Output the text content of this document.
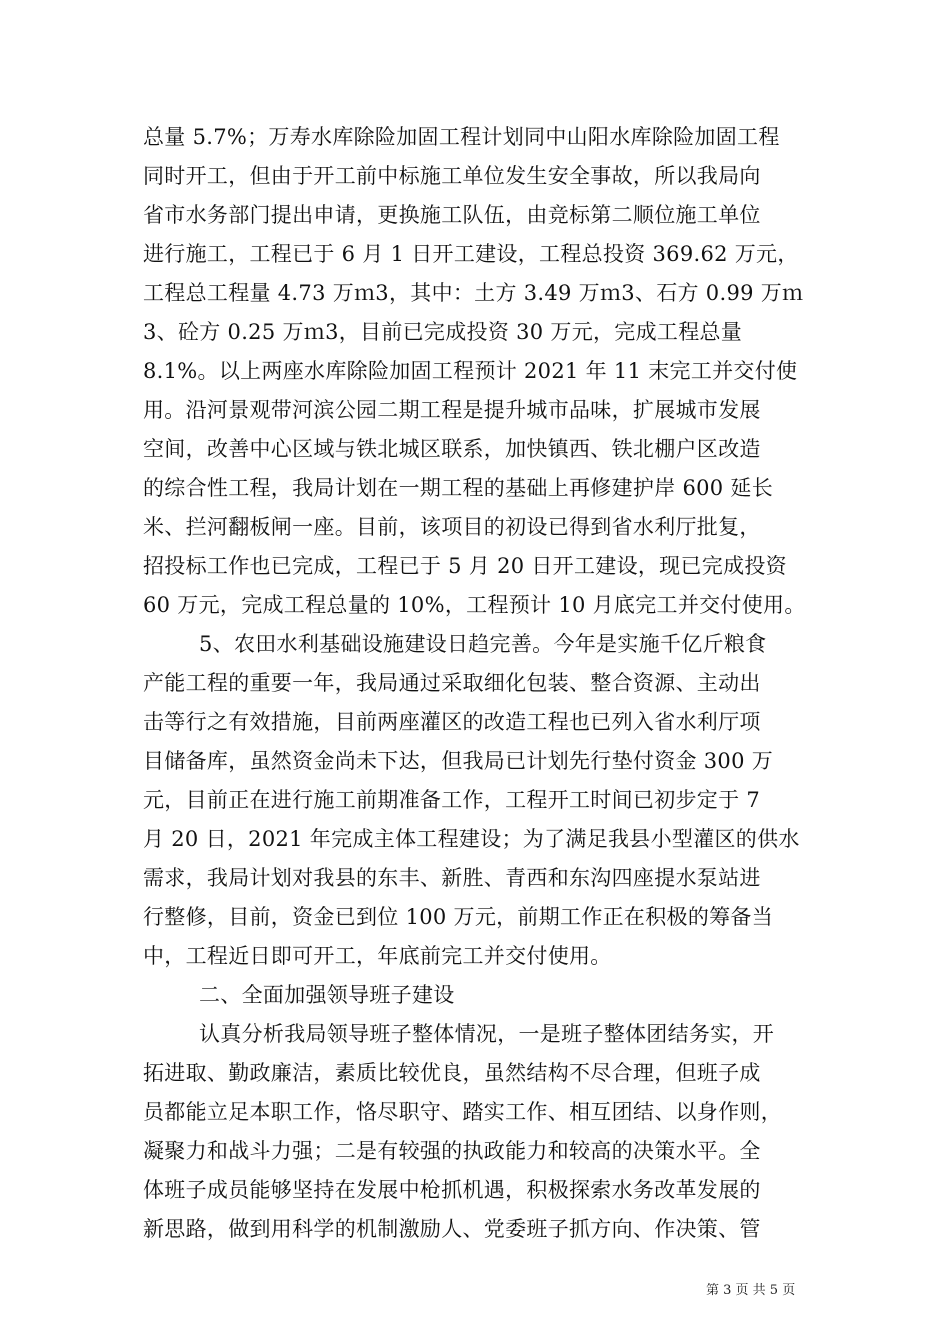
总量 5.7%；万寿水库除险加固工程计划同中山阳水库除险加固工程
同时开工，但由于开工前中标施工单位发生安全事故，所以我局向
省市水务部门提出申请，更换施工队伍，由竞标第二顺位施工单位
进行施工，工程已于 6 月 1 日开工建设，工程总投资 369.62 万元，
工程总工程量 4.73 万ｍ3，其中：土方 3.49 万ｍ3、石方 0.99 万ｍ
3、砼方 0.25 万ｍ3，目前已完成投资 30 万元，完成工程总量
8.1%。以上两座水库除险加固工程预计 2021 年 11 末完工并交付使
用。沿河景观带河滨公园二期工程是提升城市品味，扩展城市发展
空间，改善中心区域与铁北城区联系，加快镇西、铁北棚户区改造
的综合性工程，我局计划在一期工程的基础上再修建护岸 600 延长
米、拦河翻板闸一座。目前，该项目的初设已得到省水利厅批复，
招投标工作也已完成，工程已于 5 月 20 日开工建设，现已完成投资
60 万元，完成工程总量的 10%，工程预计 10 月底完工并交付使用。
5、农田水利基础设施建设日趋完善。今年是实施千亿斤粮食
产能工程的重要一年，我局通过采取细化包装、整合资源、主动出
击等行之有效措施，目前两座灌区的改造工程也已列入省水利厅项
目储备库，虽然资金尚未下达，但我局已计划先行垫付资金 300 万
元，目前正在进行施工前期准备工作，工程开工时间已初步定于 7
月 20 日，2021 年完成主体工程建设；为了满足我县小型灌区的供水
需求，我局计划对我县的东丰、新胜、青西和东沟四座提水泵站进
行整修，目前，资金已到位 100 万元，前期工作正在积极的筹备当
中，工程近日即可开工，年底前完工并交付使用。
二、全面加强领导班子建设
认真分析我局领导班子整体情况，一是班子整体团结务实，开
拓进取、勤政廉洁，素质比较优良，虽然结构不尽合理，但班子成
员都能立足本职工作，恪尽职守、踏实工作、相互团结、以身作则，
凝聚力和战斗力强；二是有较强的执政能力和较高的决策水平。全
体班子成员能够坚持在发展中枪抓机遇，积极探索水务改革发展的
新思路，做到用科学的机制激励人、党委班子抓方向、作决策、管
第 3 页 共 5 页
